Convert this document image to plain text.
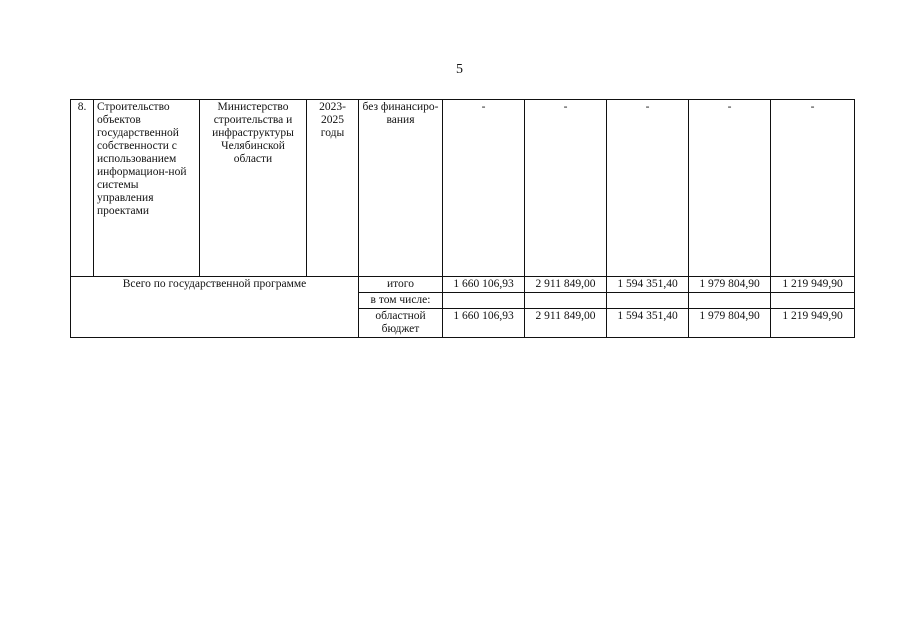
5
8.	Строительство объектов государственной собственности с использованием информацион-ной системы управления проектами	Министерство строительства и инфраструктуры Челябинской области	2023-2025 годы	без финансиро-вания	-	-	-	-	-
Всего по государственной программе				итого	1 660 106,93	2 911 849,00	1 594 351,40	1 979 804,90	1 219 949,90
				в том числе:					
				областной бюджет	1 660 106,93	2 911 849,00	1 594 351,40	1 979 804,90	1 219 949,90
